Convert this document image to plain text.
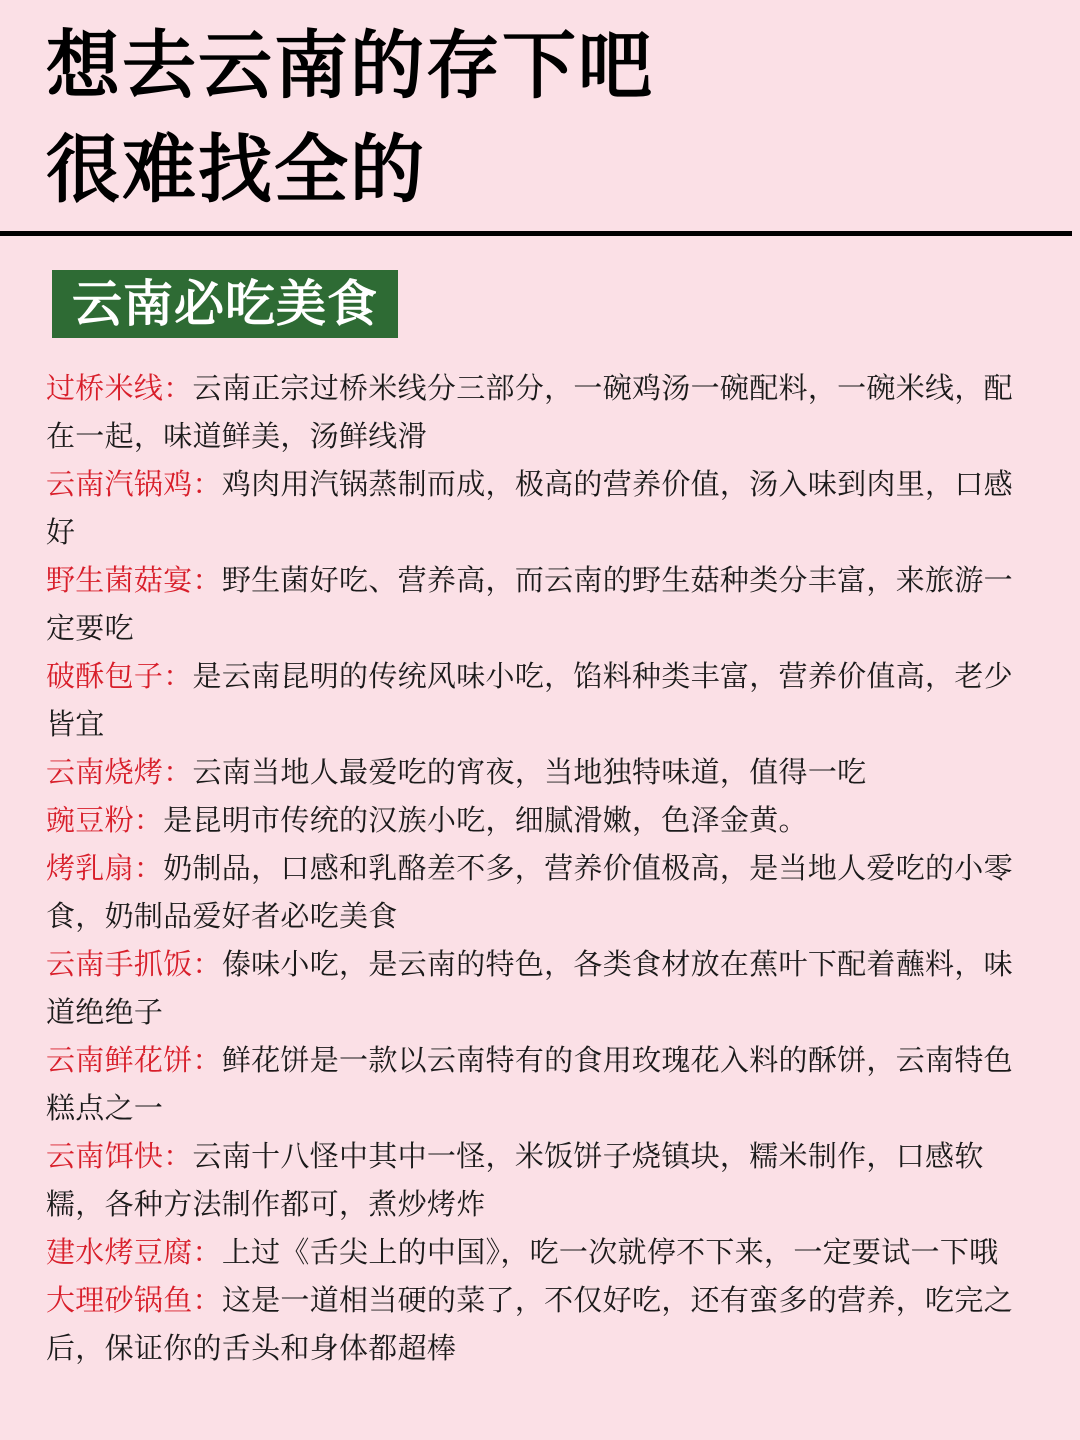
想去云南的存下吧
很难找全的
云南必吃美食
过桥米线：云南正宗过桥米线分三部分，一碗鸡汤一碗配料，一碗米线，配在一起，味道鲜美，汤鲜线滑
云南汽锅鸡：鸡肉用汽锅蒸制而成，极高的营养价值，汤入味到肉里，口感好
野生菌菇宴：野生菌好吃、营养高，而云南的野生菇种类分丰富，来旅游一定要吃
破酥包子：是云南昆明的传统风味小吃，馅料种类丰富，营养价值高，老少皆宜
云南烧烤：云南当地人最爱吃的宵夜，当地独特味道，值得一吃
豌豆粉：是昆明市传统的汉族小吃，细腻滑嫩，色泽金黄。
烤乳扇：奶制品，口感和乳酪差不多，营养价值极高，是当地人爱吃的小零食，奶制品爱好者必吃美食
云南手抓饭：傣味小吃，是云南的特色，各类食材放在蕉叶下配着蘸料，味道绝绝子
云南鲜花饼：鲜花饼是一款以云南特有的食用玫瑰花入料的酥饼，云南特色糕点之一
云南饵快：云南十八怪中其中一怪，米饭饼子烧镇块，糯米制作，口感软糯，各种方法制作都可，煮炒烤炸
建水烤豆腐：上过《舌尖上的中国》，吃一次就停不下来，一定要试一下哦
大理砂锅鱼：这是一道相当硬的菜了，不仅好吃，还有蛮多的营养，吃完之后，保证你的舌头和身体都超棒
